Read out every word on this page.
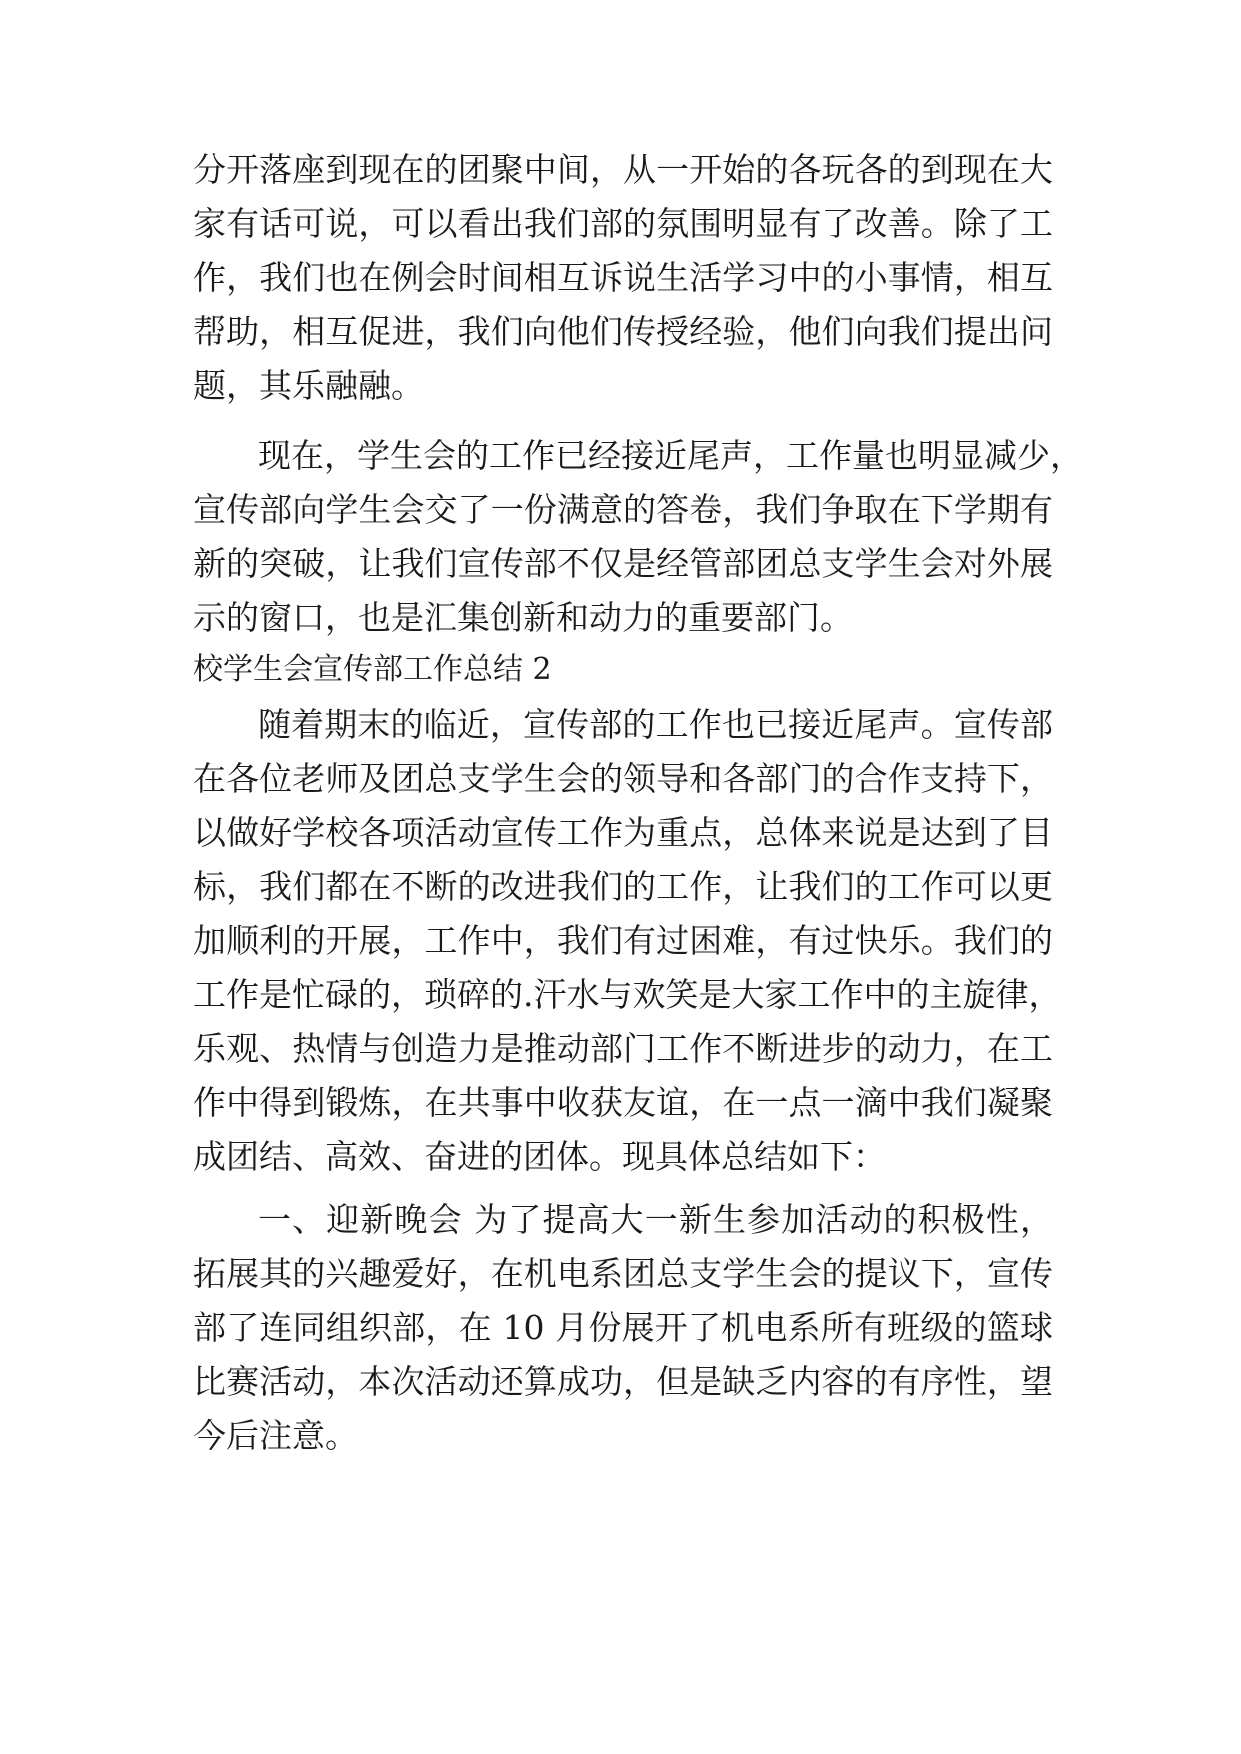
分开落座到现在的团聚中间，从一开始的各玩各的到现在大
家有话可说，可以看出我们部的氛围明显有了改善。除了工
作，我们也在例会时间相互诉说生活学习中的小事情，相互
帮助，相互促进，我们向他们传授经验，他们向我们提出问
题，其乐融融。
现在，学生会的工作已经接近尾声，工作量也明显减少，
宣传部向学生会交了一份满意的答卷，我们争取在下学期有
新的突破，让我们宣传部不仅是经管部团总支学生会对外展
示的窗口，也是汇集创新和动力的重要部门。
校学生会宣传部工作总结 2
随着期末的临近，宣传部的工作也已接近尾声。宣传部
在各位老师及团总支学生会的领导和各部门的合作支持下，
以做好学校各项活动宣传工作为重点，总体来说是达到了目
标，我们都在不断的改进我们的工作，让我们的工作可以更
加顺利的开展，工作中，我们有过困难，有过快乐。我们的
工作是忙碌的，琐碎的.汗水与欢笑是大家工作中的主旋律，
乐观、热情与创造力是推动部门工作不断进步的动力，在工
作中得到锻炼，在共事中收获友谊，在一点一滴中我们凝聚
成团结、高效、奋进的团体。现具体总结如下：
一、迎新晚会 为了提高大一新生参加活动的积极性，
拓展其的兴趣爱好，在机电系团总支学生会的提议下，宣传
部了连同组织部，在 10 月份展开了机电系所有班级的篮球
比赛活动，本次活动还算成功，但是缺乏内容的有序性，望
今后注意。
